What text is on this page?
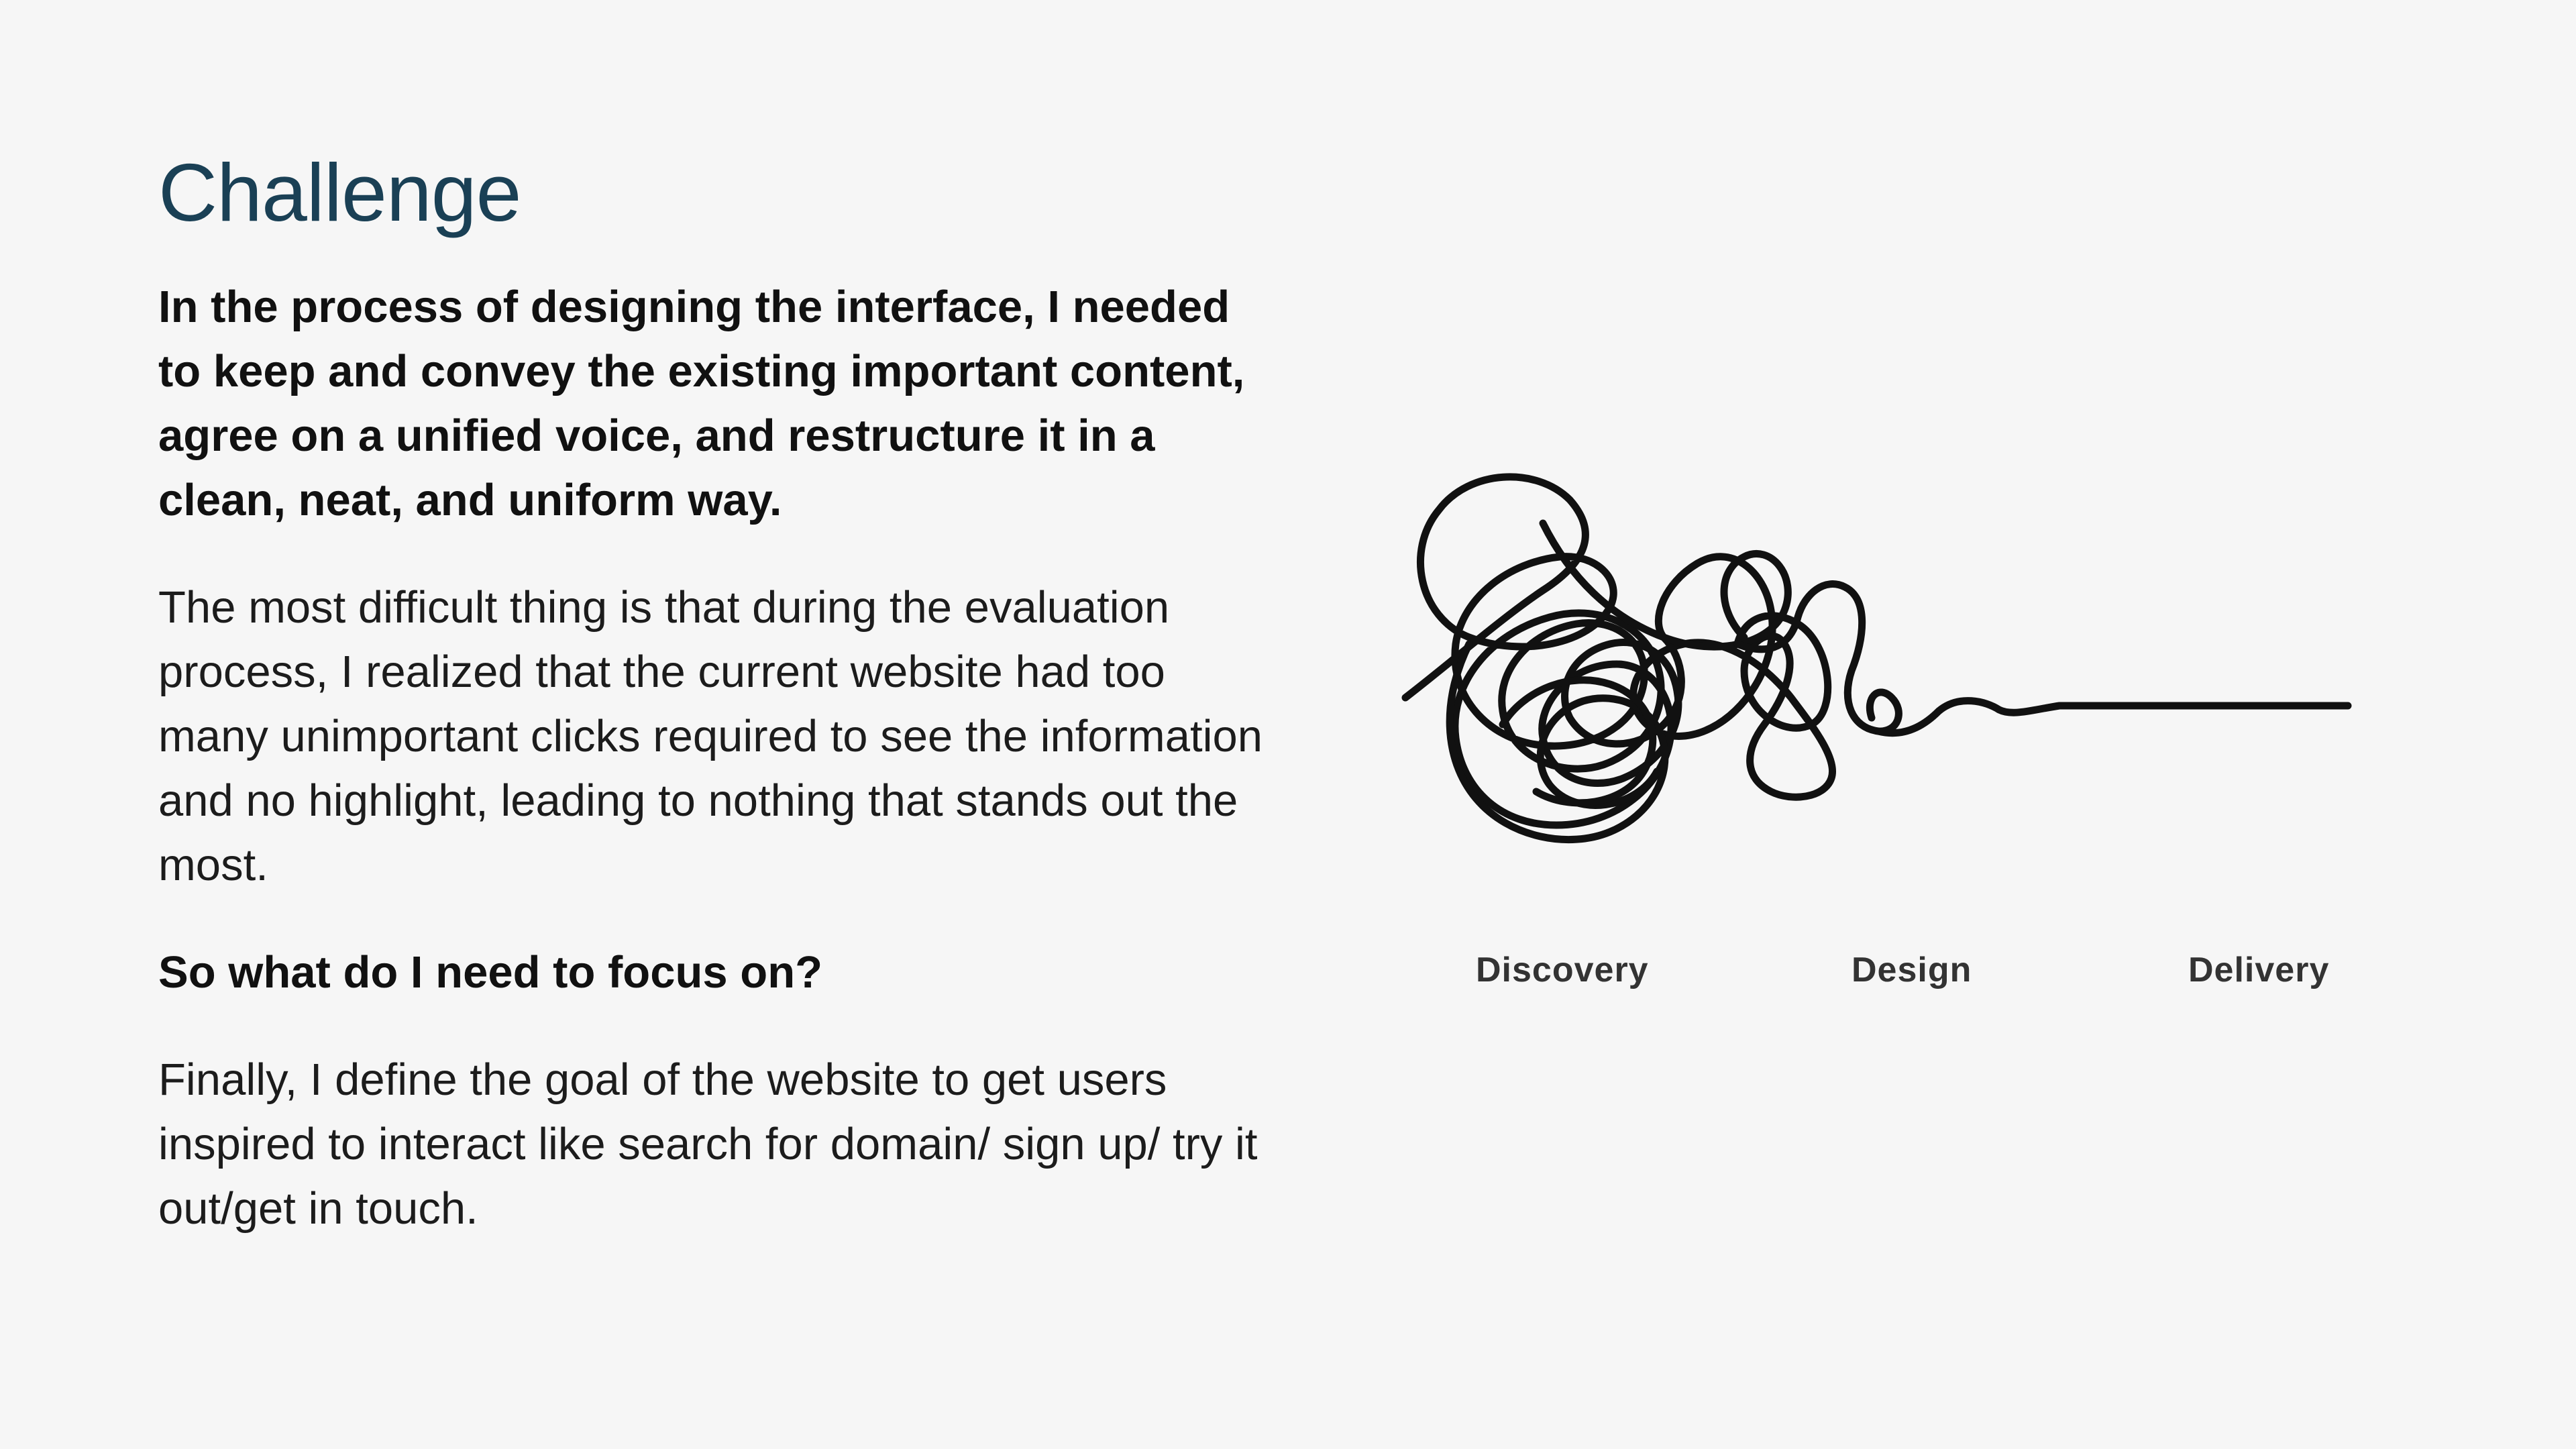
Challenge

In the process of designing the interface, I needed to keep and convey the existing important content, agree on a unified voice, and restructure it in a clean, neat, and uniform way.

The most difficult thing is that during the evaluation process, I realized that the current website had too many unimportant clicks required to see the information and no highlight, leading to nothing that stands out the most.

So what do I need to focus on?

Finally, I define the goal of the website to get users inspired to interact like search for domain/ sign up/ try it out/get in touch.

Discovery	Design	Delivery
